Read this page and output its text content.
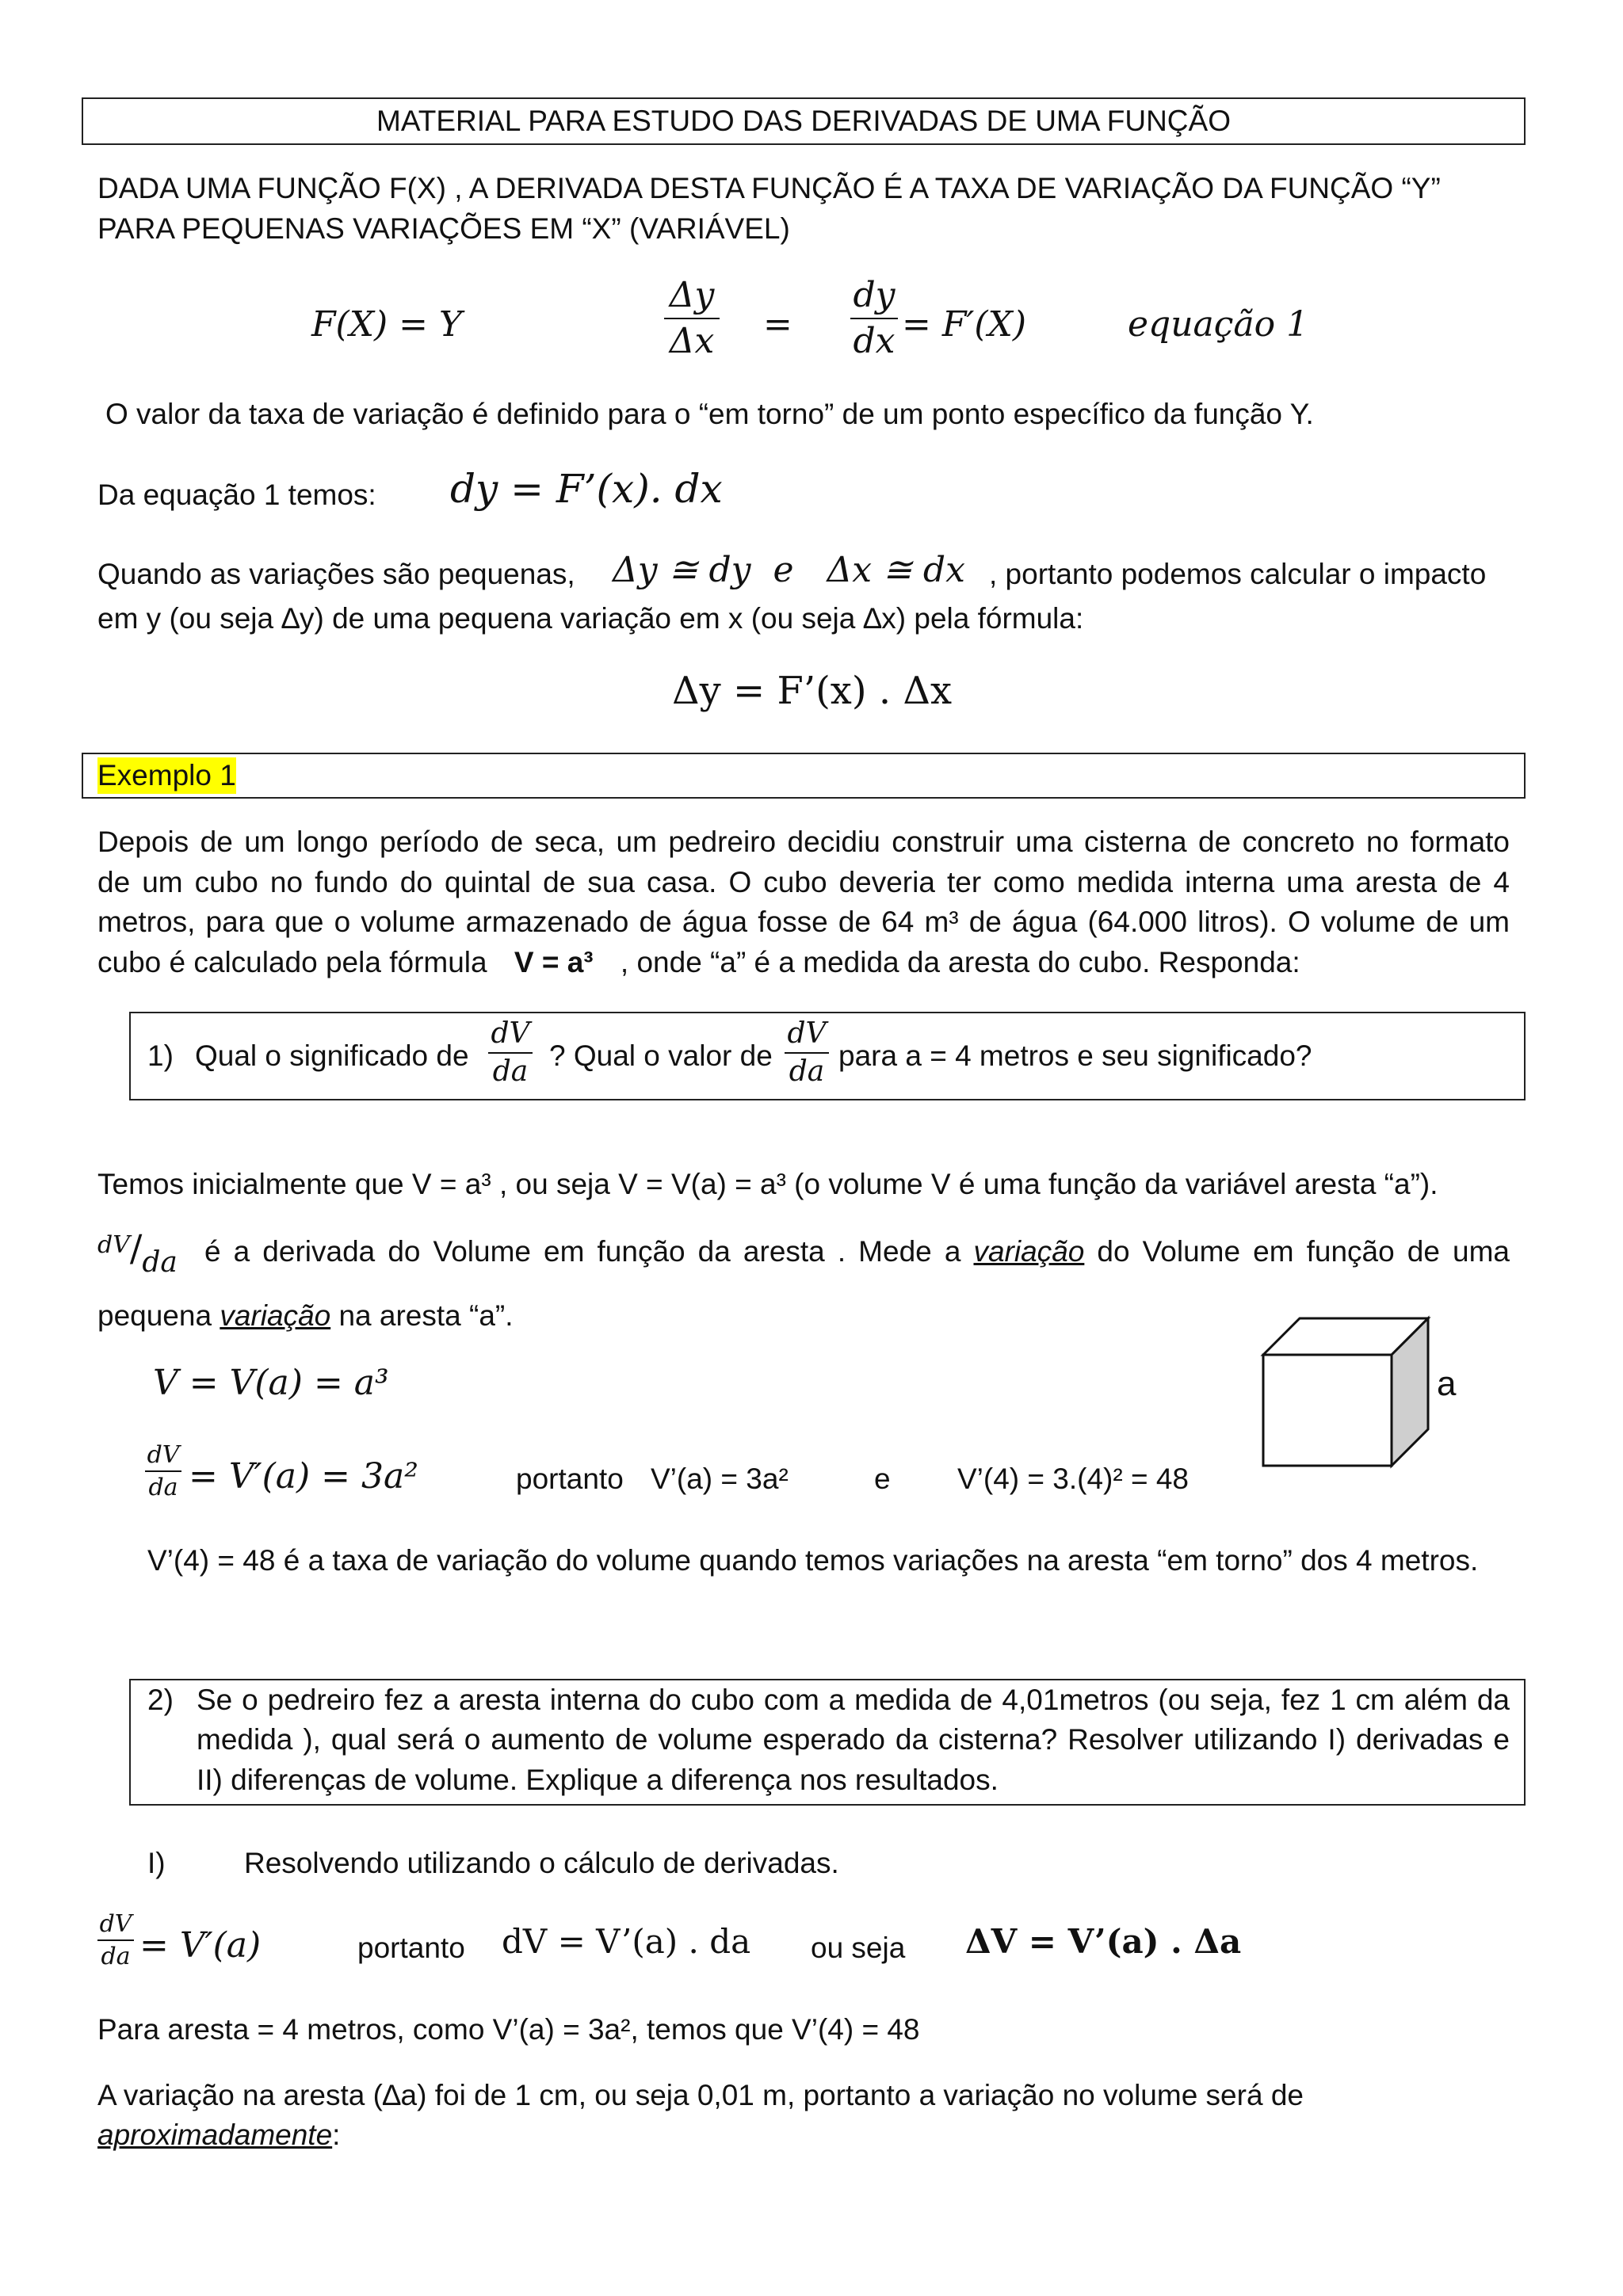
MATERIAL PARA ESTUDO DAS DERIVADAS DE UMA FUNÇÃO
DADA UMA FUNÇÃO F(X) , A DERIVADA DESTA FUNÇÃO É A TAXA DE VARIAÇÃO DA FUNÇÃO “Y”
PARA PEQUENAS VARIAÇÕES EM “X” (VARIÁVEL)
F(X) = Y
Δy
Δx =
dy
dx = F′(X)	equação 1
O valor da taxa de variação é definido para o “em torno” de um ponto específico da função Y.
Da equação 1 temos: dy = F’(x). dx
Quando as variações são pequenas, Δy ≅ dy  e   Δx ≅ dx , portanto podemos calcular o impacto
em y (ou seja ∆y) de uma pequena variação em x (ou seja ∆x) pela fórmula:
Δy = F’(x) . Δx
Exemplo 1
Depois de um longo período de seca, um pedreiro decidiu construir uma cisterna de concreto no formato
de um cubo no fundo do quintal de sua casa. O cubo deveria ter como medida interna uma aresta de 4
metros, para que o volume armazenado de água fosse de 64 m³ de água (64.000 litros). O volume de um
cubo é calculado pela fórmula V = a³ , onde “a” é a medida da aresta do cubo. Responda:
1) Qual o significado de
dV
da ? Qual o valor de
dV
da para a = 4 metros e seu significado?
Temos inicialmente que V = a³ , ou seja V = V(a) = a³ (o volume V é uma função da variável aresta “a”).
dV/da é a derivada do Volume em função da aresta . Mede a variação do Volume em função de uma
pequena variação na aresta “a”.
a
V = V(a) = a³
dV
da = V′(a) = 3a²	portanto V’(a) = 3a²	e V’(4) = 3.(4)² = 48
V’(4) = 48 é a taxa de variação do volume quando temos variações na aresta “em torno” dos 4 metros.
2) Se o pedreiro fez a aresta interna do cubo com a medida de 4,01metros (ou seja, fez 1 cm além da
medida ), qual será o aumento de volume esperado da cisterna? Resolver utilizando I) derivadas e
II) diferenças de volume. Explique a diferença nos resultados.
I)	Resolvendo utilizando o cálculo de derivadas.
dV
da = V′(a)	portanto dV = V’(a) . da ou seja ΔV = V’(a) . Δa
Para aresta = 4 metros, como V’(a) = 3a², temos que V’(4) = 48
A variação na aresta (∆a) foi de 1 cm, ou seja 0,01 m, portanto a variação no volume será de
aproximadamente:
